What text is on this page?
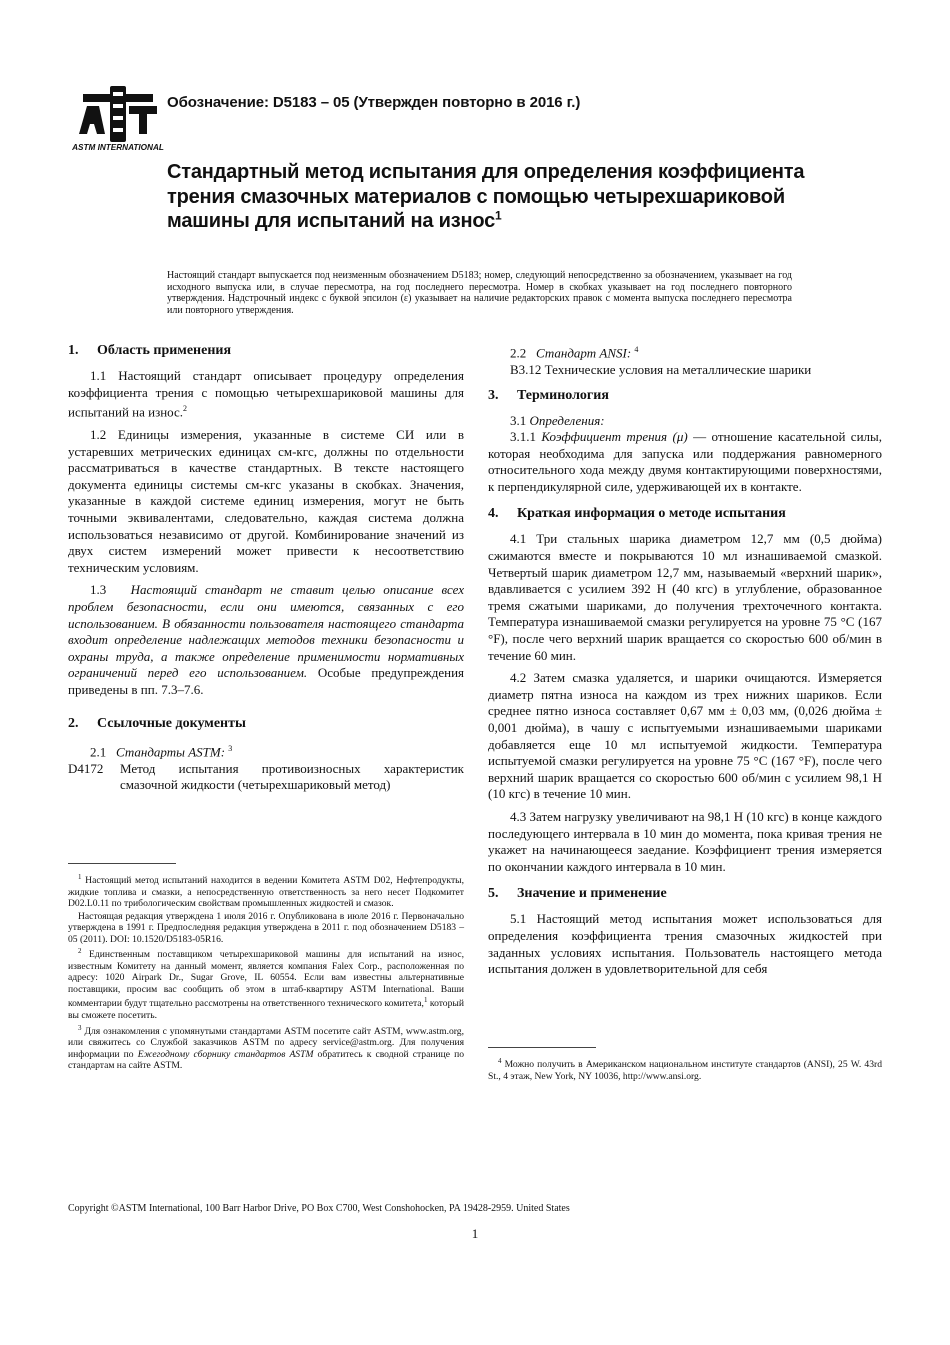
ASTM INTERNATIONAL
Обозначение: D5183 – 05 (Утвержден повторно в 2016 г.)
Стандартный метод испытания для определения коэффициента трения смазочных материалов с помощью четырехшариковой машины для испытаний на износ$^1$
Настоящий стандарт выпускается под неизменным обозначением D5183; номер, следующий непосредственно за обозначением, указывает на год исходного выпуска или, в случае пересмотра, на год последнего пересмотра. Номер в скобках указывает на год последнего повторного утверждения. Надстрочный индекс с буквой эпсилон (ε) указывает на наличие редакторских правок с момента выпуска последнего пересмотра или повторного утверждения.
1. Область применения

1.1 Настоящий стандарт описывает процедуру определения коэффициента трения с помощью четырехшариковой машины для испытаний на износ.$^2$

1.2 Единицы измерения, указанные в системе СИ или в устаревших метрических единицах см-кгс, должны по отдельности рассматриваться в качестве стандартных. В тексте настоящего документа единицы системы см-кгс указаны в скобках. Значения, указанные в каждой системе единиц измерения, могут не быть точными эквивалентами, следовательно, каждая система должна использоваться независимо от другой. Комбинирование значений из двух систем измерений может привести к несоответствию техническим условиям.

1.3 Настоящий стандарт не ставит целью описание всех проблем безопасности, если они имеются, связанных с его использованием. В обязанности пользователя настоящего стандарта входит определение надлежащих методов техники безопасности и охраны труда, а также определение применимости нормативных ограничений перед его использованием. Особые предупреждения приведены в пп. 7.3–7.6.

2. Ссылочные документы
2.1 Стандарты ASTM: $^3$
D4172	Метод испытания противоизносных характеристик смазочной жидкости (четырехшариковый метод)

$^1$ Настоящий метод испытаний находится в ведении Комитета ASTM D02, Нефтепродукты, жидкие топлива и смазки, а непосредственную ответственность за него несет Подкомитет D02.L0.11 по трибологическим свойствам промышленных жидкостей и смазок.

Настоящая редакция утверждена 1 июля 2016 г. Опубликована в июле 2016 г. Первоначально утверждена в 1991 г. Предпоследняя редакция утверждена в 2011 г. под обозначением D5183 – 05 (2011). DOI: 10.1520/D5183-05R16.

$^2$ Единственным поставщиком четырехшариковой машины для испытаний на износ, известным Комитету на данный момент, является компания Falex Corp., расположенная по адресу: 1020 Airpark Dr., Sugar Grove, IL 60554. Если вам известны альтернативные поставщики, просим вас сообщить об этом в штаб-квартиру ASTM International. Ваши комментарии будут тщательно рассмотрены на ответственного технического комитета,$^1$ который вы сможете посетить.

$^3$ Для ознакомления с упомянутыми стандартами ASTM посетите сайт ASTM, www.astm.org, или свяжитесь со Службой заказчиков ASTM по адресу service@astm.org. Для получения информации по Ежегодному сборнику стандартов ASTM обратитесь к сводной странице по стандартам на сайте ASTM.

2.2 Стандарт ANSI: $^4$
B3.12 Технические условия на металлические шарики
3. Терминология
3.1 Определения:

3.1.1 Коэффициент трения (μ) — отношение касательной силы, которая необходима для запуска или поддержания равномерного относительного хода между двумя контактирующими поверхностями, к перпендикулярной силе, удерживающей их в контакте.

4. Краткая информация о методе испытания

4.1 Три стальных шарика диаметром 12,7 мм (0,5 дюйма) сжимаются вместе и покрываются 10 мл изнашиваемой смазкой. Четвертый шарик диаметром 12,7 мм, называемый «верхний шарик», вдавливается с усилием 392 Н (40 кгс) в углубление, образованное тремя сжатыми шариками, до получения трехточечного контакта. Температура изнашиваемой смазки регулируется на уровне 75 °C (167 °F), после чего верхний шарик вращается со скоростью 600 об/мин в течение 60 мин.

4.2 Затем смазка удаляется, и шарики очищаются. Измеряется диаметр пятна износа на каждом из трех нижних шариков. Если среднее пятно износа составляет 0,67 мм ± 0,03 мм, (0,026 дюйма ± 0,001 дюйма), в чашу с испытуемыми изнашиваемыми шариками добавляется еще 10 мл испытуемой жидкости. Температура испытуемой смазки регулируется на уровне 75 °C (167 °F), после чего верхний шарик вращается со скоростью 600 об/мин с усилием 98,1 Н (10 кгс) в течение 10 мин.

4.3 Затем нагрузку увеличивают на 98,1 Н (10 кгс) в конце каждого последующего интервала в 10 мин до момента, пока кривая трения не укажет на начинающееся заедание. Коэффициент трения измеряется по окончании каждого интервала в 10 мин.

5. Значение и применение

5.1 Настоящий метод испытания может использоваться для определения коэффициента трения смазочных жидкостей при заданных условиях испытания. Пользователь настоящего метода испытания должен в удовлетворительной для себя

$^4$ Можно получить в Американском национальном институте стандартов (ANSI), 25 W. 43rd St., 4 этаж, New York, NY 10036, http://www.ansi.org.

Copyright ©ASTM International, 100 Barr Harbor Drive, PO Box C700, West Conshohocken, PA 19428-2959. United States
1
